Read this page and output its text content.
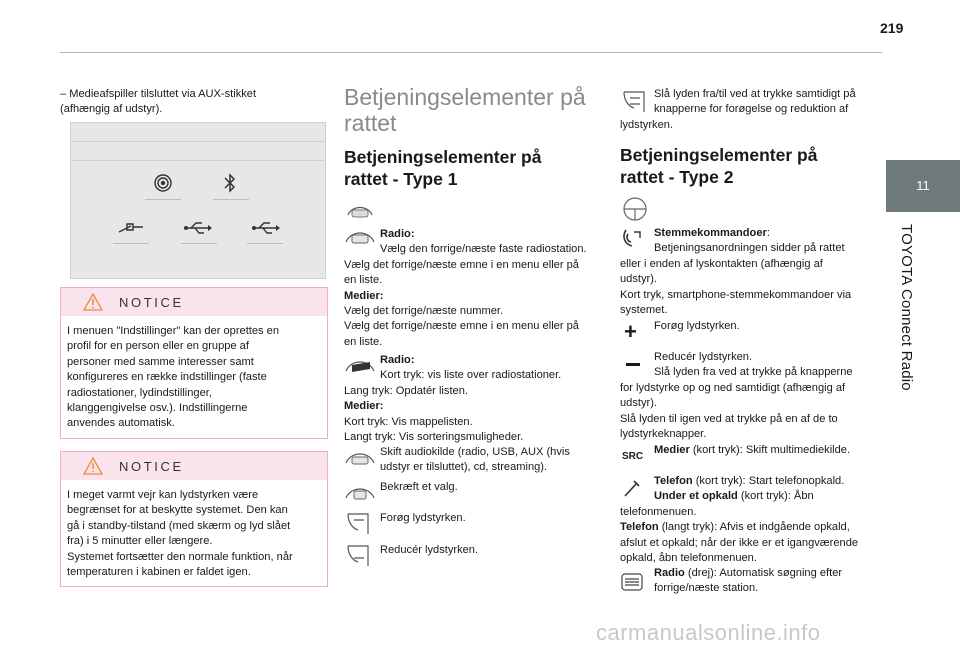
219
11
TOYOTA Connect Radio
– Medieafspiller tilsluttet via AUX-stikket
(afhængig af udstyr).
NOTICE
I menuen "Indstillinger" kan der oprettes en
profil for en person eller en gruppe af
personer med samme interesser samt
konfigureres en række indstillinger (faste
radiostationer, lydindstillinger,
klanggengivelse osv.). Indstillingerne
anvendes automatisk.
NOTICE
I meget varmt vejr kan lydstyrken være
begrænset for at beskytte systemet. Den kan
gå i standby-tilstand (med skærm og lyd slået
fra) i 5 minutter eller længere.
Systemet fortsætter den normale funktion, når
temperaturen i kabinen er faldet igen.
Betjeningselementer på
rattet
Betjeningselementer på
rattet - Type 1
Radio:
Vælg den forrige/næste faste radiostation.
Vælg det forrige/næste emne i en menu eller på
en liste.
Medier:
Vælg det forrige/næste nummer.
Vælg det forrige/næste emne i en menu eller på
en liste.
Radio:
Kort tryk: vis liste over radiostationer.
Lang tryk: Opdatér listen.
Medier:
Kort tryk: Vis mappelisten.
Langt tryk: Vis sorteringsmuligheder.
Skift audiokilde (radio, USB, AUX (hvis
udstyr er tilsluttet), cd, streaming).
Bekræft et valg.
Forøg lydstyrken.
Reducér lydstyrken.
Slå lyden fra/til ved at trykke samtidigt på
knapperne for forøgelse og reduktion af
lydstyrken.
Betjeningselementer på
rattet - Type 2
Stemmekommandoer:
Betjeningsanordningen sidder på rattet
eller i enden af lyskontakten (afhængig af
udstyr).
Kort tryk, smartphone-stemmekommandoer via
systemet.
+	Forøg lydstyrken.
Reducér lydstyrken.
Slå lyden fra ved at trykke på knapperne
for lydstyrke op og ned samtidigt (afhængig af
udstyr).
Slå lyden til igen ved at trykke på en af de to
lydstyrkeknapper.
SRC
Medier (kort tryk): Skift multimediekilde.
Telefon (kort tryk): Start telefonopkald.
Under et opkald (kort tryk): Åbn
telefonmenuen.
Telefon (langt tryk): Afvis et indgående opkald,
afslut et opkald; når der ikke er et igangværende
opkald, åbn telefonmenuen.
Radio (drej): Automatisk søgning efter
forrige/næste station.
carmanualsonline.info
